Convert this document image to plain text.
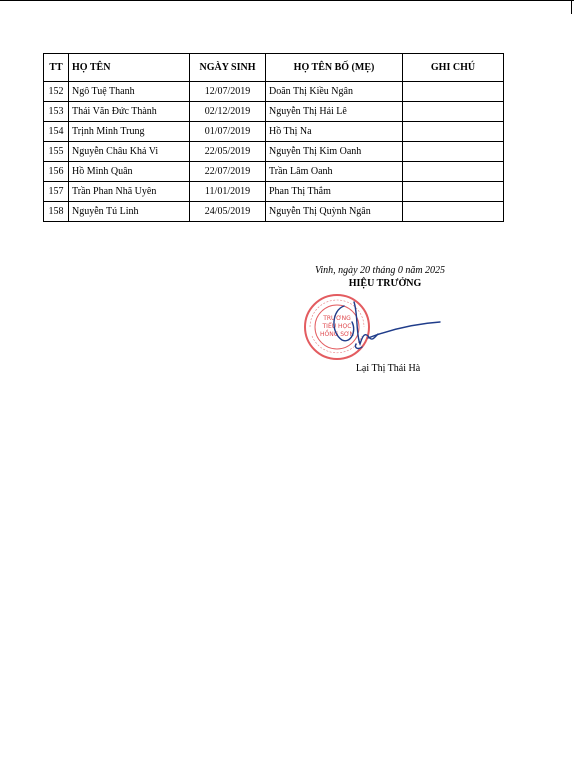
TT	HỌ TÊN	NGÀY SINH	HỌ TÊN BỐ (MẸ)	GHI CHÚ
152	Ngô Tuệ Thanh	12/07/2019	Doãn Thị Kiều Ngân	
153	Thái Văn Đức Thành	02/12/2019	Nguyễn Thị Hải Lê	
154	Trịnh Minh Trung	01/07/2019	Hồ Thị Na	
155	Nguyễn Châu Khả Vi	22/05/2019	Nguyễn Thị Kim Oanh	
156	Hồ Minh Quân	22/07/2019	Trần Lâm Oanh	
157	Trần Phan Nhã Uyên	11/01/2019	Phan Thị Thắm	
158	Nguyễn Tú Linh	24/05/2019	Nguyễn Thị Quỳnh Ngân	
Vinh, ngày 20 tháng 0 năm 2025
HIỆU TRƯỞNG
TRƯỜNG
TIỂU HỌC
HỒNG SƠN
Lại Thị Thái Hà
